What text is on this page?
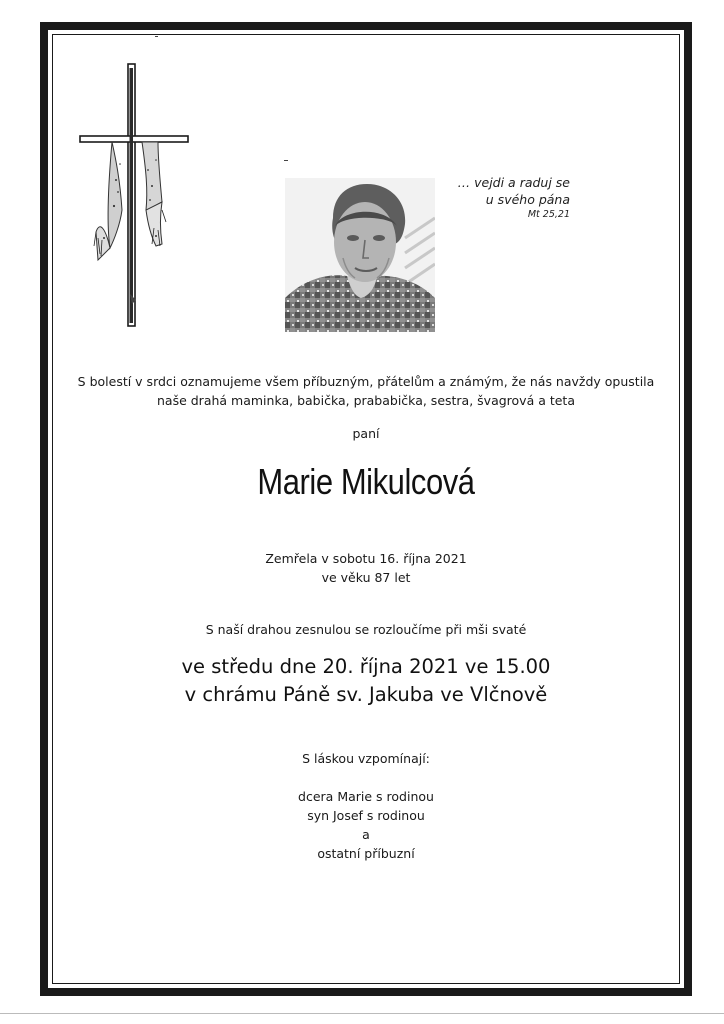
… vejdi a raduj se
u svého pána
Mt 25,21
S bolestí v srdci oznamujeme všem příbuzným, přátelům a známým, že nás navždy opustila
naše drahá maminka, babička, prababička, sestra, švagrová a teta
paní
Marie Mikulcová
Zemřela v sobotu 16. října 2021
ve věku 87 let
S naší drahou zesnulou se rozloučíme při mši svaté
ve středu dne 20. října 2021 ve 15.00
v chrámu Páně sv. Jakuba ve Vlčnově
S láskou vzpomínají:
dcera Marie s rodinou
syn Josef s rodinou
a
ostatní příbuzní
